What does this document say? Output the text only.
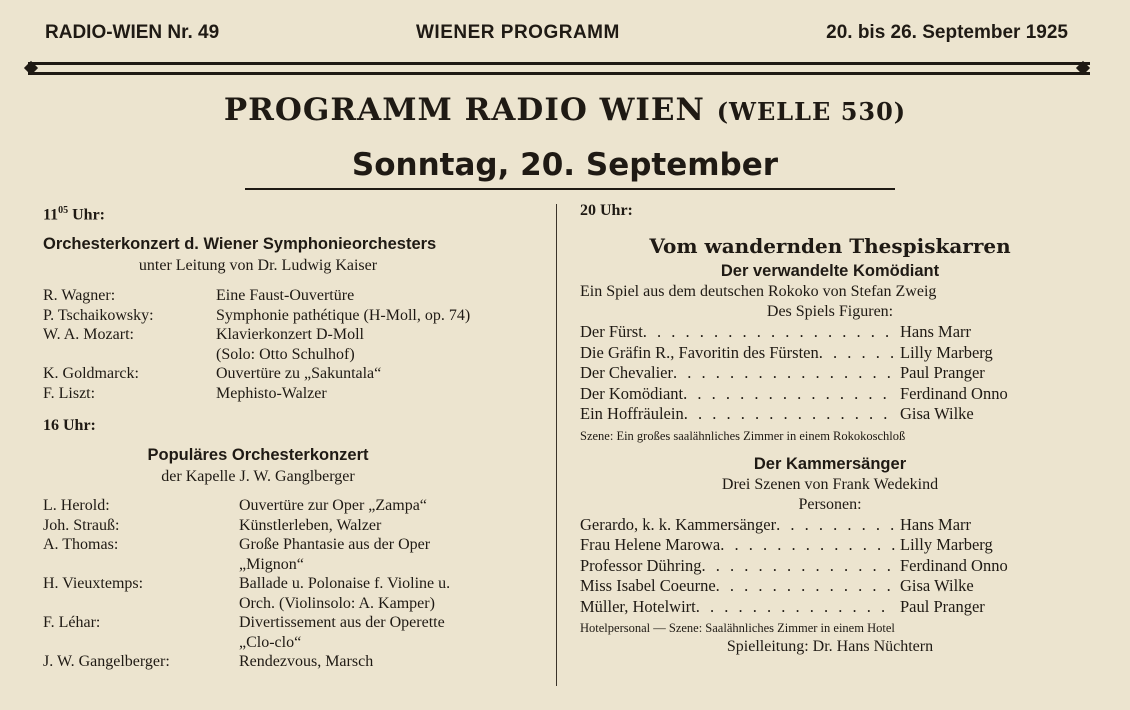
RADIO-WIEN Nr. 49	WIENER PROGRAMM	20. bis 26. September 1925
PROGRAMM RADIO WIEN (WELLE 530)
Sonntag, 20. September
$11^{05}$ Uhr:
Orchesterkonzert d. Wiener Symphonieorchesters
unter Leitung von Dr. Ludwig Kaiser
R. Wagner:	Eine Faust-Ouvertüre
P. Tschaikowsky:	Symphonie pathétique (H-Moll, op. 74)
W. A. Mozart:	Klavierkonzert D-Moll
(Solo: Otto Schulhof)
K. Goldmarck:	Ouvertüre zu „Sakuntala“
F. Liszt:	Mephisto-Walzer
16 Uhr:
Populäres Orchesterkonzert
der Kapelle J. W. Ganglberger
L. Herold:	Ouvertüre zur Oper „Zampa“
Joh. Strauß:	Künstlerleben, Walzer
A. Thomas:	Große Phantasie aus der Oper
„Mignon“
H. Vieuxtemps:	Ballade u. Polonaise f. Violine u.
Orch. (Violinsolo: A. Kamper)
F. Léhar:	Divertissement aus der Operette
„Clo-clo“
J. W. Gangelberger:	Rendezvous, Marsch
20 Uhr:
Vom wandernden Thespiskarren
Der verwandelte Komödiant
Ein Spiel aus dem deutschen Rokoko von Stefan Zweig
Des Spiels Figuren:
Der Fürst . . .	Hans Marr
Die Gräfin R., Favoritin des Fürsten . . .	Lilly Marberg
Der Chevalier . . .	Paul Pranger
Der Komödiant . . .	Ferdinand Onno
Ein Hoffräulein . . .	Gisa Wilke
Szene: Ein großes saalähnliches Zimmer in einem Rokokoschloß
Der Kammersänger
Drei Szenen von Frank Wedekind
Personen:
Gerardo, k. k. Kammersänger . . .	Hans Marr
Frau Helene Marowa . . .	Lilly Marberg
Professor Dühring . . .	Ferdinand Onno
Miss Isabel Coeurne . . .	Gisa Wilke
Müller, Hotelwirt . . .	Paul Pranger
Hotelpersonal — Szene: Saalähnliches Zimmer in einem Hotel
Spielleitung: Dr. Hans Nüchtern
